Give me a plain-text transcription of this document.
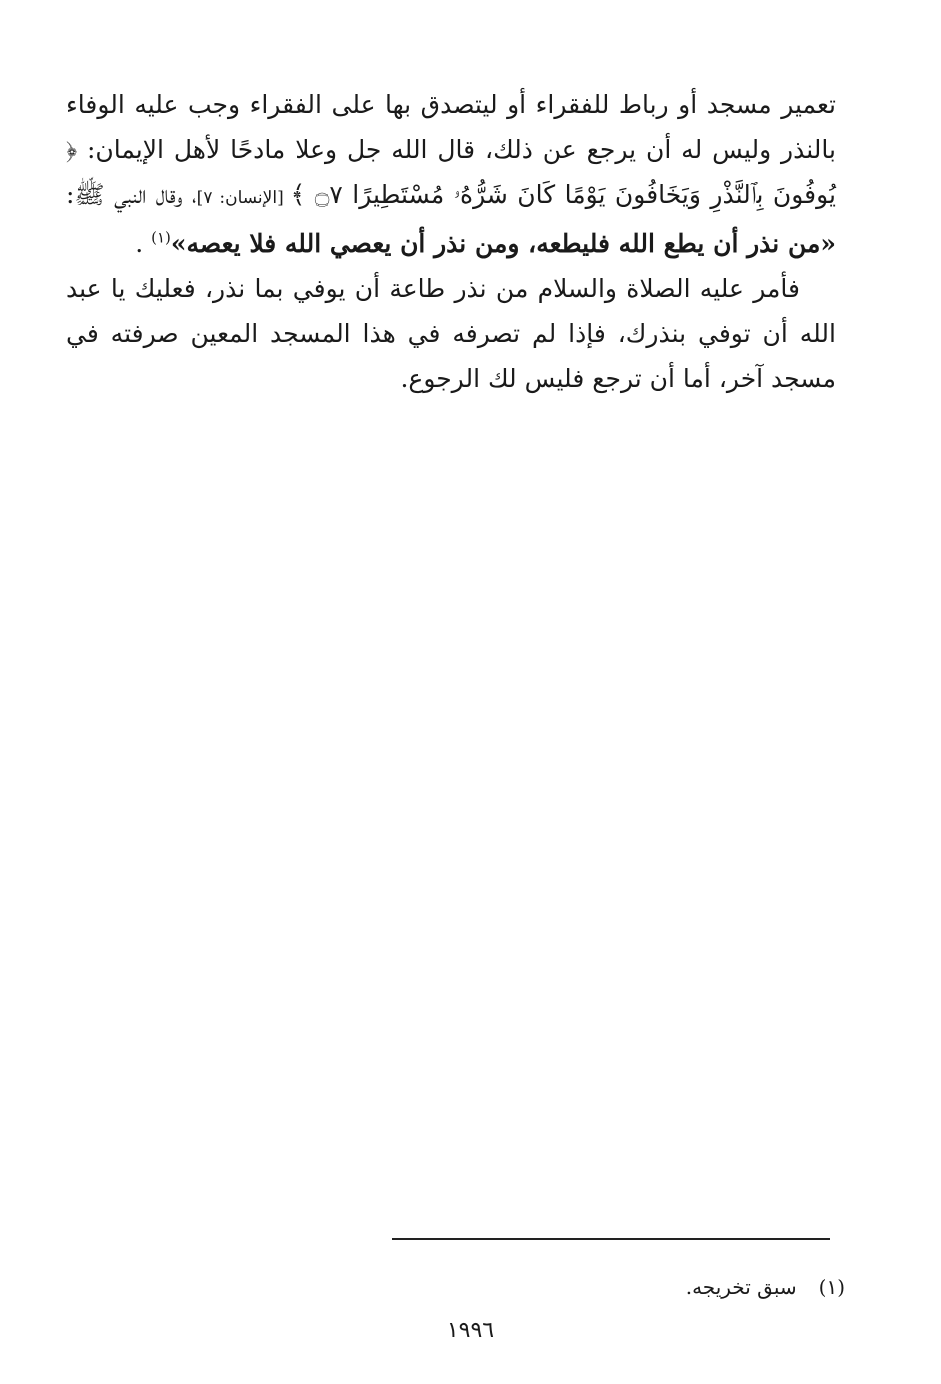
تعمير مسجد أو رباط للفقراء أو ليتصدق بها على الفقراء وجب عليه الوفاء بالنذر وليس له أن يرجع عن ذلك، قال الله جل وعلا مادحًا لأهل الإيمان: ﴿ يُوفُونَ بِٱلنَّذْرِ وَيَخَافُونَ يَوْمًا كَانَ شَرُّهُۥ مُسْتَطِيرًا ۝٧ ﴾ [الإنسان: ٧]، وقال النبي ﷺ: «من نذر أن يطع الله فليطعه، ومن نذر أن يعصي الله فلا يعصه»$^{(١)}$ .

فأمر عليه الصلاة والسلام من نذر طاعة أن يوفي بما نذر، فعليك يا عبد الله أن توفي بنذرك، فإذا لم تصرفه في هذا المسجد المعين صرفته في مسجد آخر، أما أن ترجع فليس لك الرجوع.

(١)سبق تخريجه.
١٩٩٦
